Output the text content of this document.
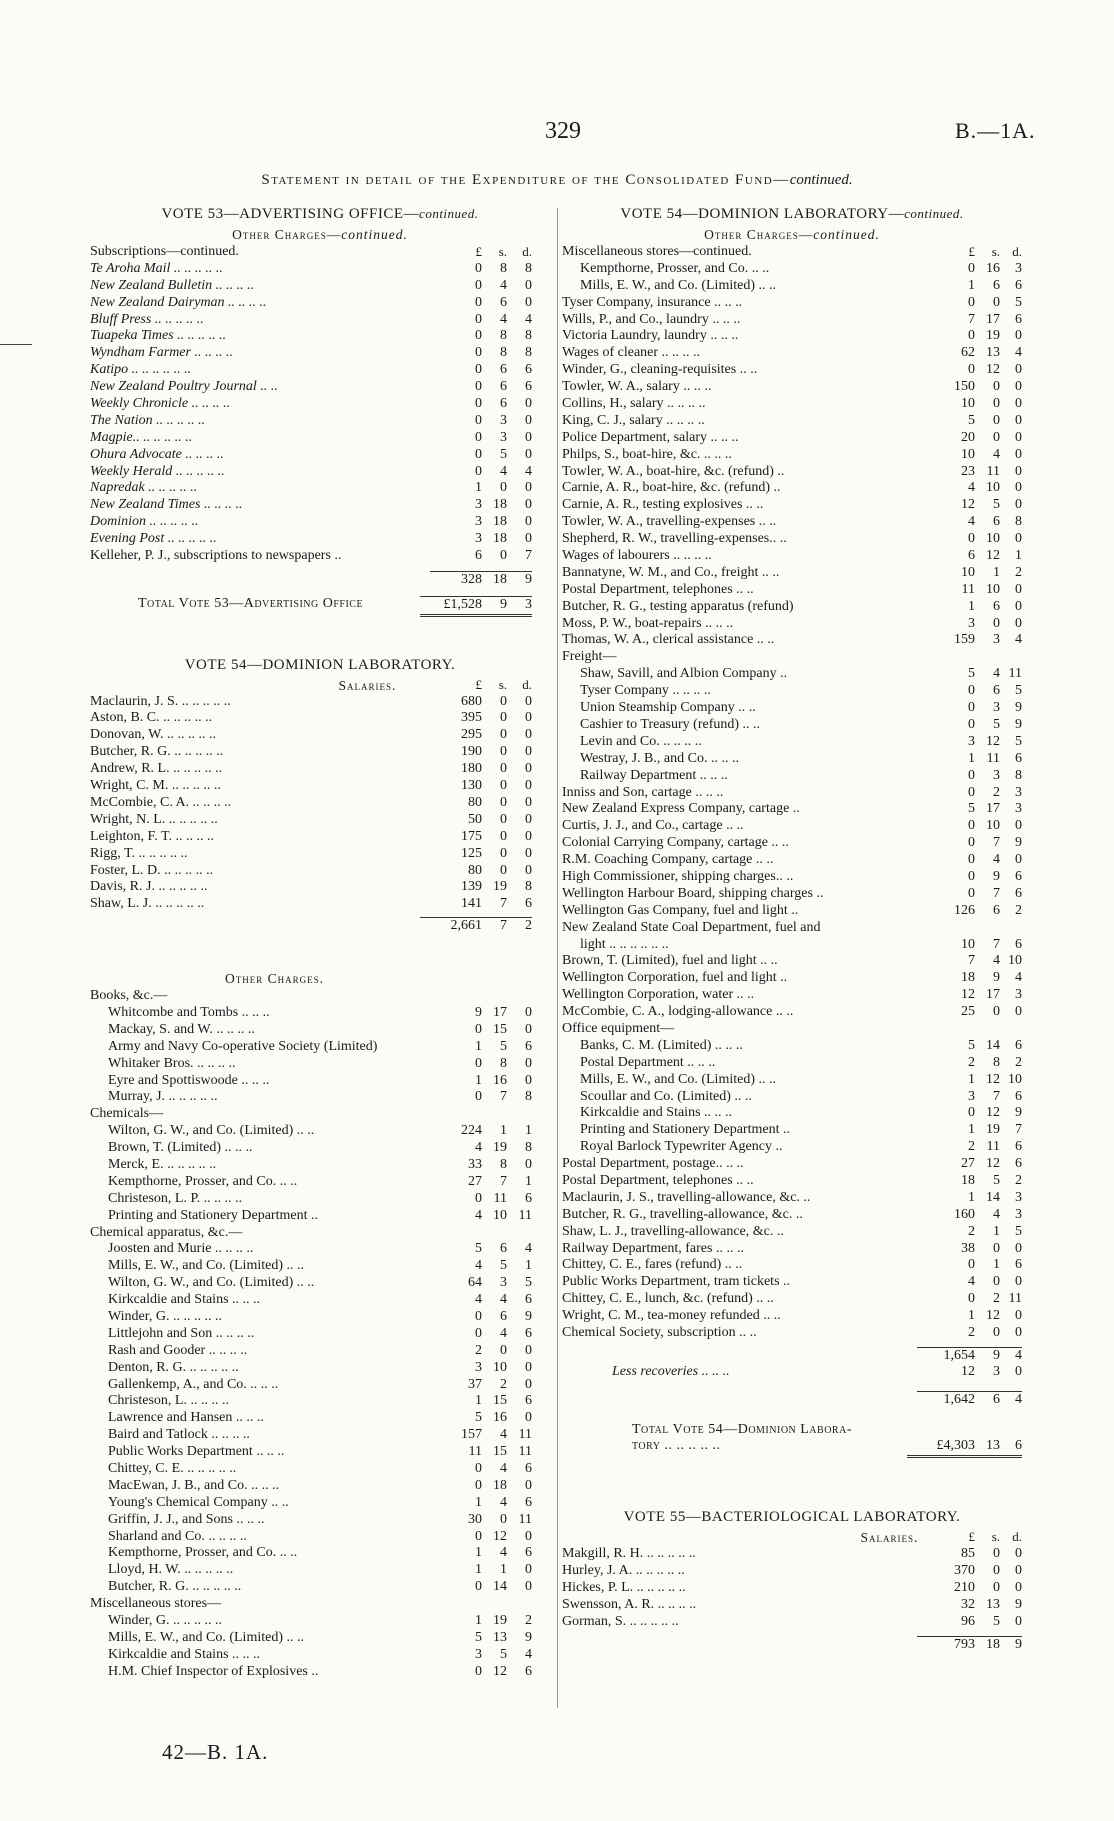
329	B.—1A.
Statement in detail of the Expenditure of the Consolidated Fund—continued.
VOTE 53—ADVERTISING OFFICE—continued.
Other Charges—continued.
Subscriptions—continued.	£	s.	d.
Te Aroha Mail .. .. .. .. ..	0	8	8
New Zealand Bulletin .. .. .. ..	0	4	0
New Zealand Dairyman .. .. .. ..	0	6	0
Bluff Press .. .. .. .. ..	0	4	4
Tuapeka Times .. .. .. .. ..	0	8	8
Wyndham Farmer .. .. .. ..	0	8	8
Katipo .. .. .. .. .. ..	0	6	6
New Zealand Poultry Journal .. ..	0	6	6
Weekly Chronicle .. .. .. ..	0	6	0
The Nation .. .. .. .. ..	0	3	0
Magpie.. .. .. .. .. ..	0	3	0
Ohura Advocate .. .. .. ..	0	5	0
Weekly Herald .. .. .. .. ..	0	4	4
Napredak .. .. .. .. ..	1	0	0
New Zealand Times .. .. .. ..	3 18	0
Dominion .. .. .. .. ..	3 18	0
Evening Post .. .. .. .. ..	3 18	0
Kelleher, P. J., subscriptions to newspapers ..	6	0	7
328 18	9
Total Vote 53—Advertising Office	£1,528	9	3
VOTE 54—DOMINION LABORATORY.
Salaries.	£	s.	d.
Maclaurin, J. S. .. .. .. .. ..	680	0	0
Aston, B. C. .. .. .. .. ..	395	0	0
Donovan, W. .. .. .. .. ..	295	0	0
Butcher, R. G. .. .. .. .. ..	190	0	0
Andrew, R. L. .. .. .. .. ..	180	0	0
Wright, C. M. .. .. .. .. ..	130	0	0
McCombie, C. A. .. .. .. ..	80	0	0
Wright, N. L. .. .. .. .. ..	50	0	0
Leighton, F. T. .. .. .. ..	175	0	0
Rigg, T. .. .. .. .. ..	125	0	0
Foster, L. D. .. .. .. .. ..	80	0	0
Davis, R. J. .. .. .. .. ..	139 19	8
Shaw, L. J. .. .. .. .. ..	141	7	6
2,661	7	2
Other Charges.
Books, &c.—
Whitcombe and Tombs .. .. ..	9 17	0
Mackay, S. and W. .. .. .. ..	0 15	0
Army and Navy Co-operative Society (Limited)	1	5	6
Whitaker Bros. .. .. .. ..	0	8	0
Eyre and Spottiswoode .. .. ..	1 16	0
Murray, J. .. .. .. .. ..	0	7	8
Chemicals—
Wilton, G. W., and Co. (Limited) .. ..	224	1	1
Brown, T. (Limited) .. .. ..	4 19	8
Merck, E. .. .. .. .. ..	33	8	0
Kempthorne, Prosser, and Co. .. ..	27	7	1
Christeson, L. P. .. .. .. ..	0 11	6
Printing and Stationery Department ..	4 10 11
Chemical apparatus, &c.—
Joosten and Murie .. .. .. ..	5	6	4
Mills, E. W., and Co. (Limited) .. ..	4	5	1
Wilton, G. W., and Co. (Limited) .. ..	64	3	5
Kirkcaldie and Stains .. .. ..	4	4	6
Winder, G. .. .. .. .. ..	0	6	9
Littlejohn and Son .. .. .. ..	0	4	6
Rash and Gooder .. .. .. ..	2	0	0
Denton, R. G. .. .. .. .. ..	3 10	0
Gallenkemp, A., and Co. .. .. ..	37	2	0
Christeson, L. .. .. .. ..	1 15	6
Lawrence and Hansen .. .. ..	5 16	0
Baird and Tatlock .. .. .. ..	157	4 11
Public Works Department .. .. ..	11 15 11
Chittey, C. E. .. .. .. .. ..	0	4	6
MacEwan, J. B., and Co. .. .. ..	0 18	0
Young's Chemical Company .. ..	1	4	6
Griffin, J. J., and Sons .. .. ..	30	0 11
Sharland and Co. .. .. .. ..	0 12	0
Kempthorne, Prosser, and Co. .. ..	1	4	6
Lloyd, H. W. .. .. .. .. ..	1	1	0
Butcher, R. G. .. .. .. .. ..	0 14	0
Miscellaneous stores—
Winder, G. .. .. .. .. ..	1 19	2
Mills, E. W., and Co. (Limited) .. ..	5 13	9
Kirkcaldie and Stains .. .. ..	3	5	4
H.M. Chief Inspector of Explosives ..	0 12	6
VOTE 54—DOMINION LABORATORY—continued.
Other Charges—continued.
Miscellaneous stores—continued.	£	s. d.
Kempthorne, Prosser, and Co. .. ..	0 16	3
Mills, E. W., and Co. (Limited) .. ..	1	6	6
Tyser Company, insurance .. .. ..	0	0	5
Wills, P., and Co., laundry .. .. ..	7 17	6
Victoria Laundry, laundry .. .. ..	0 19	0
Wages of cleaner .. .. .. ..	62 13	4
Winder, G., cleaning-requisites .. ..	0 12	0
Towler, W. A., salary .. .. ..	150	0	0
Collins, H., salary .. .. .. ..	10	0	0
King, C. J., salary .. .. .. ..	5	0	0
Police Department, salary .. .. ..	20	0	0
Philps, S., boat-hire, &c. .. .. ..	10	4	0
Towler, W. A., boat-hire, &c. (refund) ..	23 11	0
Carnie, A. R., boat-hire, &c. (refund) ..	4 10	0
Carnie, A. R., testing explosives .. ..	12	5	0
Towler, W. A., travelling-expenses .. ..	4	6	8
Shepherd, R. W., travelling-expenses.. ..	0 10	0
Wages of labourers .. .. .. ..	6 12	1
Bannatyne, W. M., and Co., freight .. ..	10	1	2
Postal Department, telephones .. ..	11 10	0
Butcher, R. G., testing apparatus (refund)	1	6	0
Moss, P. W., boat-repairs .. .. ..	3	0	0
Thomas, W. A., clerical assistance .. ..	159	3	4
Freight—
Shaw, Savill, and Albion Company ..	5	4 11
Tyser Company .. .. .. ..	0	6	5
Union Steamship Company .. ..	0	3	9
Cashier to Treasury (refund) .. ..	0	5	9
Levin and Co. .. .. .. ..	3 12	5
Westray, J. B., and Co. .. .. ..	1 11	6
Railway Department .. .. ..	0	3	8
Inniss and Son, cartage .. .. ..	0	2	3
New Zealand Express Company, cartage ..	5 17	3
Curtis, J. J., and Co., cartage .. ..	0 10	0
Colonial Carrying Company, cartage .. ..	0	7	9
R.M. Coaching Company, cartage .. ..	0	4	0
High Commissioner, shipping charges.. ..	0	9	6
Wellington Harbour Board, shipping charges ..	0	7	6
Wellington Gas Company, fuel and light ..	126	6	2
New Zealand State Coal Department, fuel and
light .. .. .. .. .. ..	10	7	6
Brown, T. (Limited), fuel and light .. ..	7	4 10
Wellington Corporation, fuel and light ..	18	9	4
Wellington Corporation, water .. ..	12 17	3
McCombie, C. A., lodging-allowance .. ..	25	0	0
Office equipment—
Banks, C. M. (Limited) .. .. ..	5 14	6
Postal Department .. .. ..	2	8	2
Mills, E. W., and Co. (Limited) .. ..	1 12 10
Scoullar and Co. (Limited) .. ..	3	7	6
Kirkcaldie and Stains .. .. ..	0 12	9
Printing and Stationery Department ..	1 19	7
Royal Barlock Typewriter Agency ..	2 11	6
Postal Department, postage.. .. ..	27 12	6
Postal Department, telephones .. ..	18	5	2
Maclaurin, J. S., travelling-allowance, &c. ..	1 14	3
Butcher, R. G., travelling-allowance, &c. ..	160	4	3
Shaw, L. J., travelling-allowance, &c. ..	2	1	5
Railway Department, fares .. .. ..	38	0	0
Chittey, C. E., fares (refund) .. ..	0	1	6
Public Works Department, tram tickets ..	4	0	0
Chittey, C. E., lunch, &c. (refund) .. ..	0	2 11
Wright, C. M., tea-money refunded .. ..	1 12	0
Chemical Society, subscription .. ..	2	0	0
1,654	9	4
Less recoveries .. .. ..	12	3	0
1,642	6	4
Total Vote 54—Dominion Labora-
tory .. .. .. .. ..	£4,303 13	6
VOTE 55—BACTERIOLOGICAL LABORATORY.
Salaries.	£	s. d.
Makgill, R. H. .. .. .. .. ..	85	0	0
Hurley, J. A. .. .. .. .. ..	370	0	0
Hickes, P. L. .. .. .. .. ..	210	0	0
Swensson, A. R. .. .. .. ..	32 13	9
Gorman, S. .. .. .. .. ..	96	5	0
793 18	9
42—B. 1A.
